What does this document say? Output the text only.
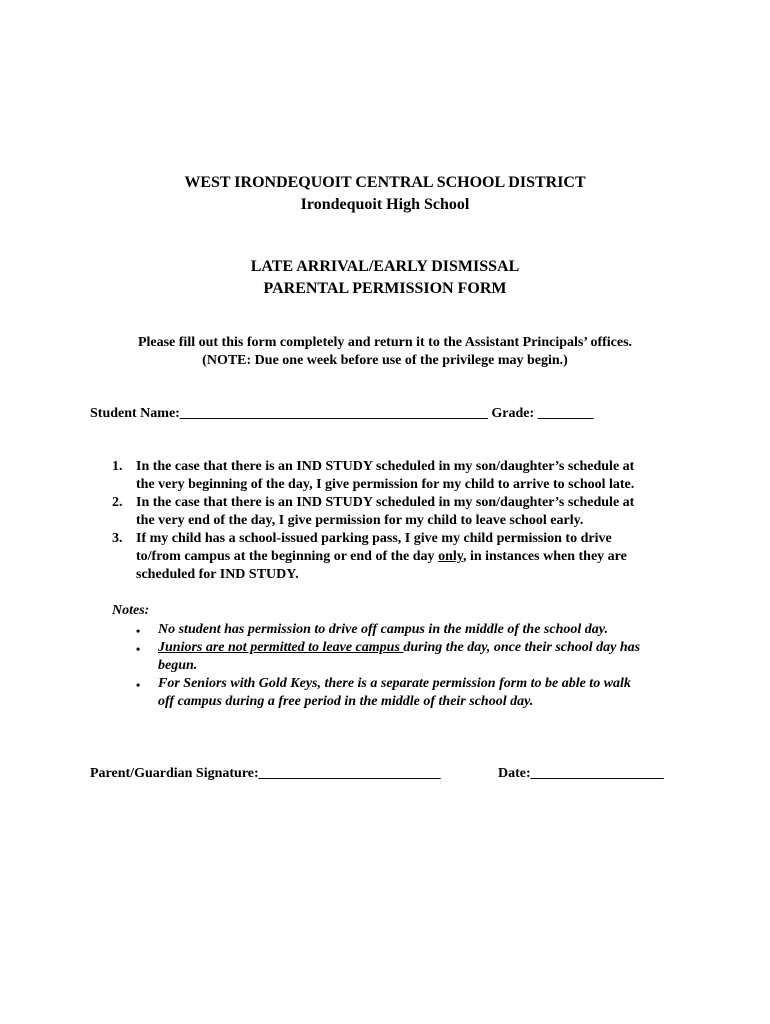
WEST IRONDEQUOIT CENTRAL SCHOOL DISTRICT
Irondequoit High School
LATE ARRIVAL/EARLY DISMISSAL
PARENTAL PERMISSION FORM
Please fill out this form completely and return it to the Assistant Principals’ offices.
(NOTE: Due one week before use of the privilege may begin.)
Student Name:____________________________________________ Grade: ________
1. In the case that there is an IND STUDY scheduled in my son/daughter’s schedule at
the very beginning of the day, I give permission for my child to arrive to school late.
2. In the case that there is an IND STUDY scheduled in my son/daughter’s schedule at
the very end of the day, I give permission for my child to leave school early.
3. If my child has a school-issued parking pass, I give my child permission to drive
to/from campus at the beginning or end of the day only, in instances when they are
scheduled for IND STUDY.
Notes:
• No student has permission to drive off campus in the middle of the school day.
• Juniors are not permitted to leave campus during the day, once their school day has
begun.
• For Seniors with Gold Keys, there is a separate permission form to be able to walk
off campus during a free period in the middle of their school day.
Parent/Guardian Signature:__________________________	Date:___________________
